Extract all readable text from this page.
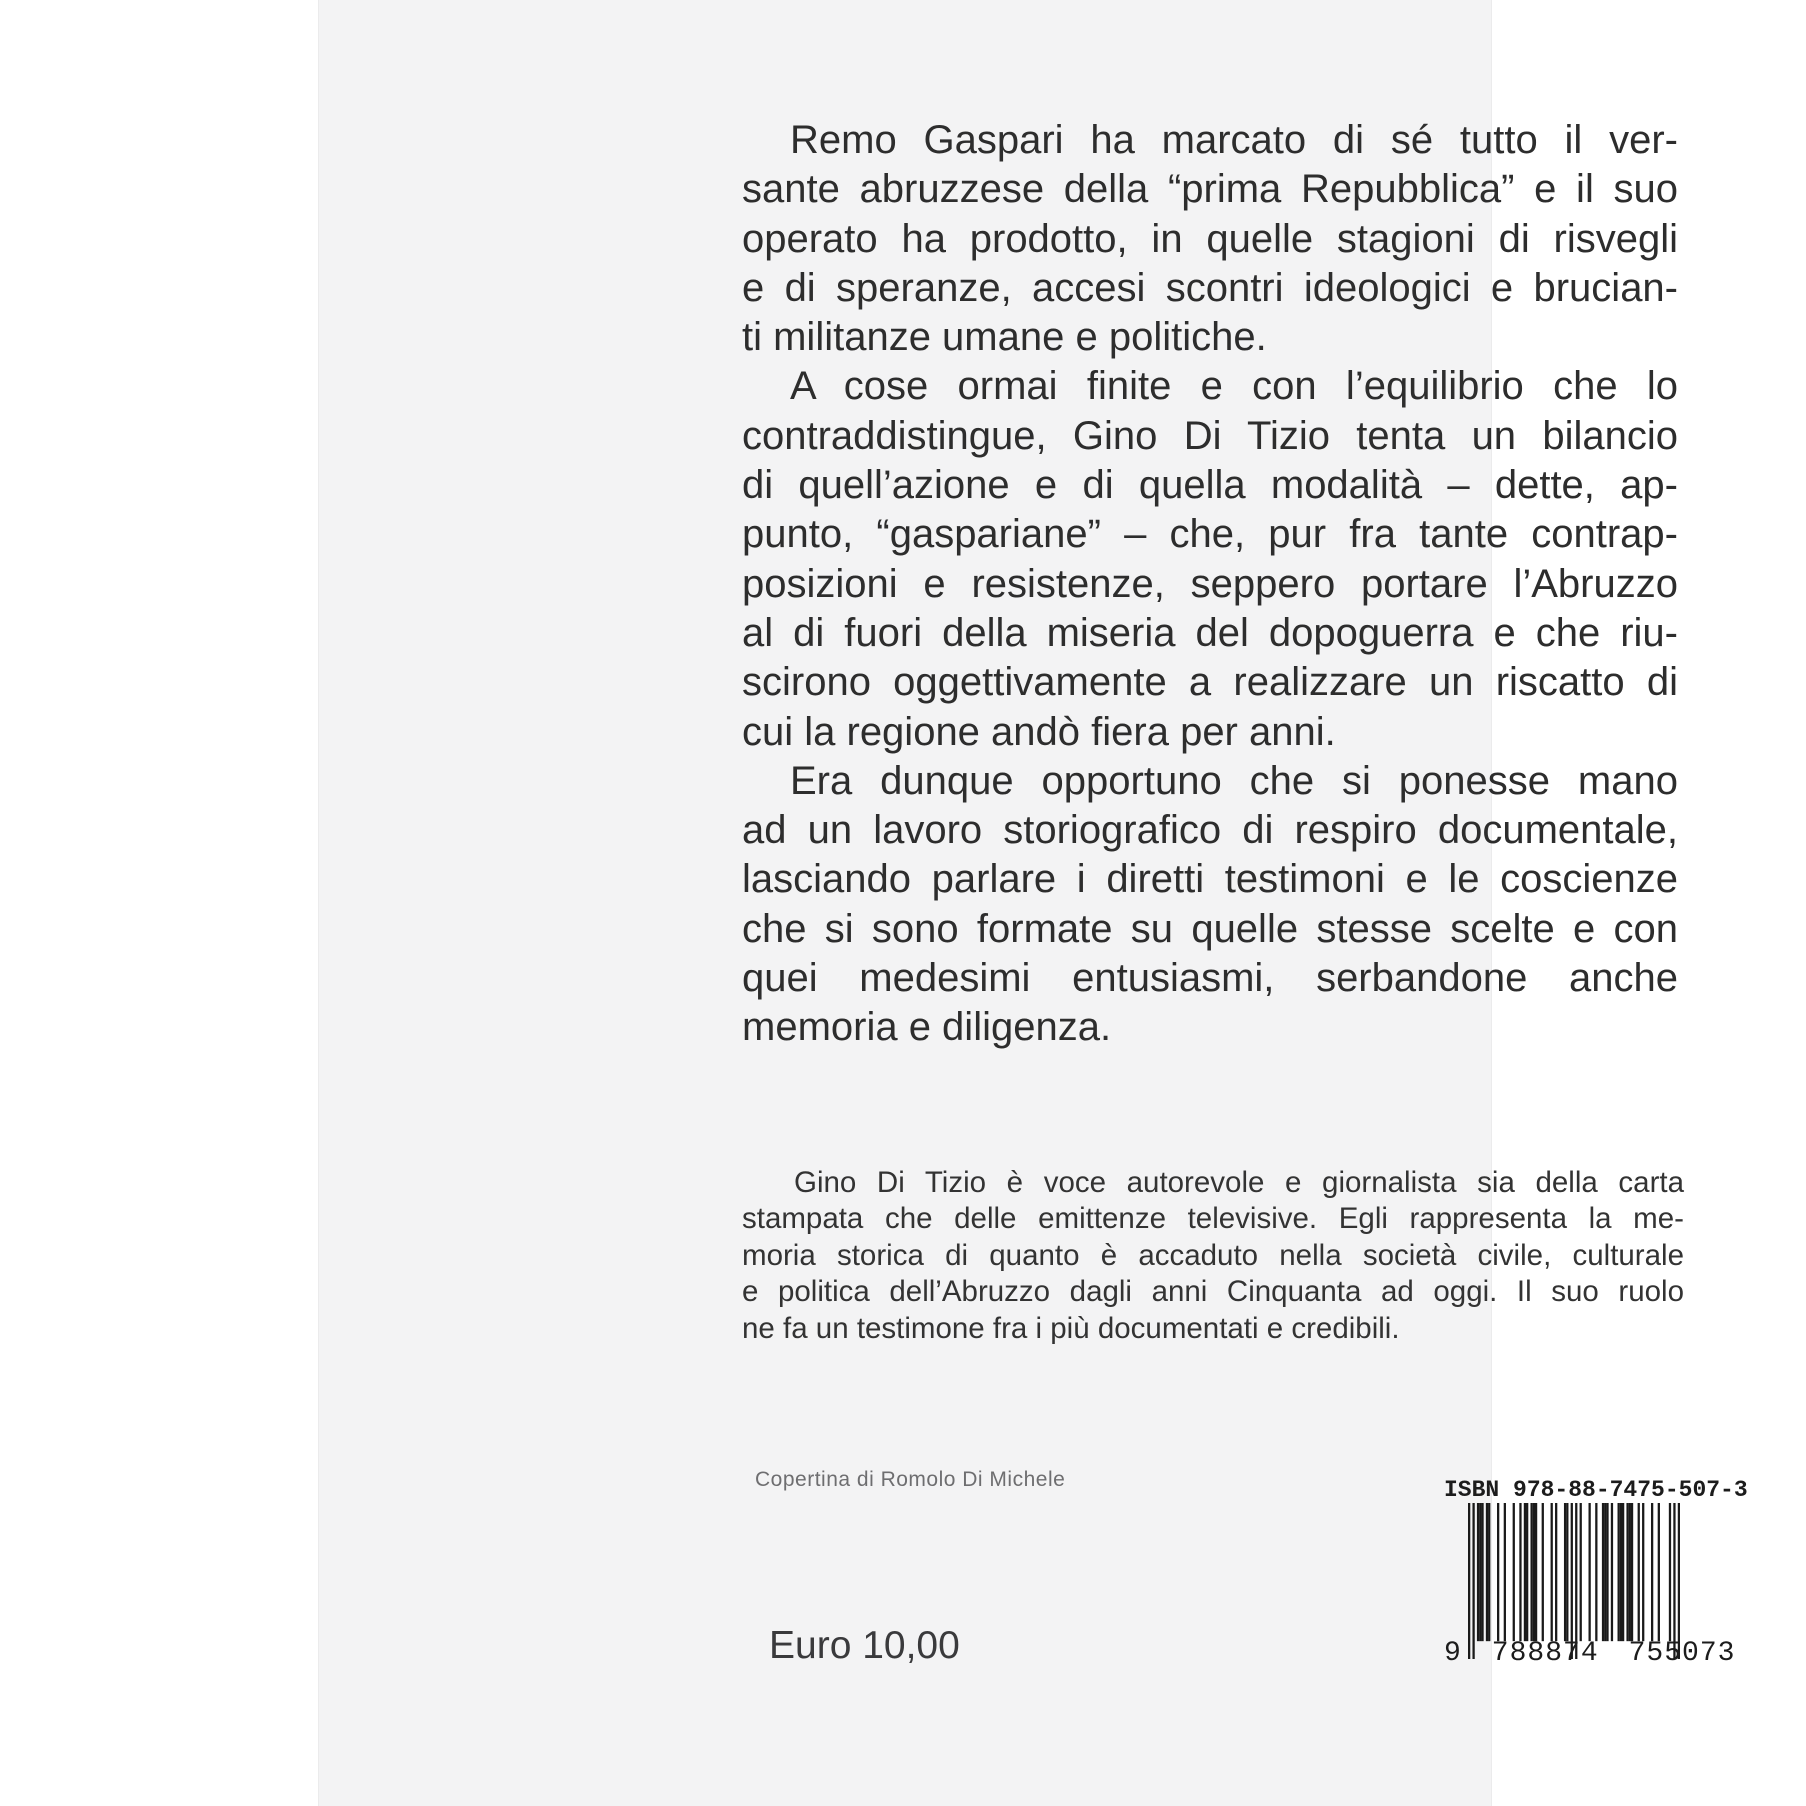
Remo Gaspari ha marcato di sé tutto il ver-
sante abruzzese della “prima Repubblica” e il suo
operato ha prodotto, in quelle stagioni di risvegli
e di speranze, accesi scontri ideologici e brucian-
ti militanze umane e politiche.
A cose ormai finite e con l’equilibrio che lo
contraddistingue, Gino Di Tizio tenta un bilancio
di quell’azione e di quella modalità – dette, ap-
punto, “gaspariane” – che, pur fra tante contrap-
posizioni e resistenze, seppero portare l’Abruzzo
al di fuori della miseria del dopoguerra e che riu-
scirono oggettivamente a realizzare un riscatto di
cui la regione andò fiera per anni.
Era dunque opportuno che si ponesse mano
ad un lavoro storiografico di respiro documentale,
lasciando parlare i diretti testimoni e le coscienze
che si sono formate su quelle stesse scelte e con
quei medesimi entusiasmi, serbandone anche
memoria e diligenza.
Gino Di Tizio è voce autorevole e giornalista sia della carta
stampata che delle emittenze televisive. Egli rappresenta la me-
moria storica di quanto è accaduto nella società civile, culturale
e politica dell’Abruzzo dagli anni Cinquanta ad oggi. Il suo ruolo
ne fa un testimone fra i più documentati e credibili.
Copertina di Romolo Di Michele
Euro 10,00
ISBN 978-88-7475-507-3
9  788874  755073
